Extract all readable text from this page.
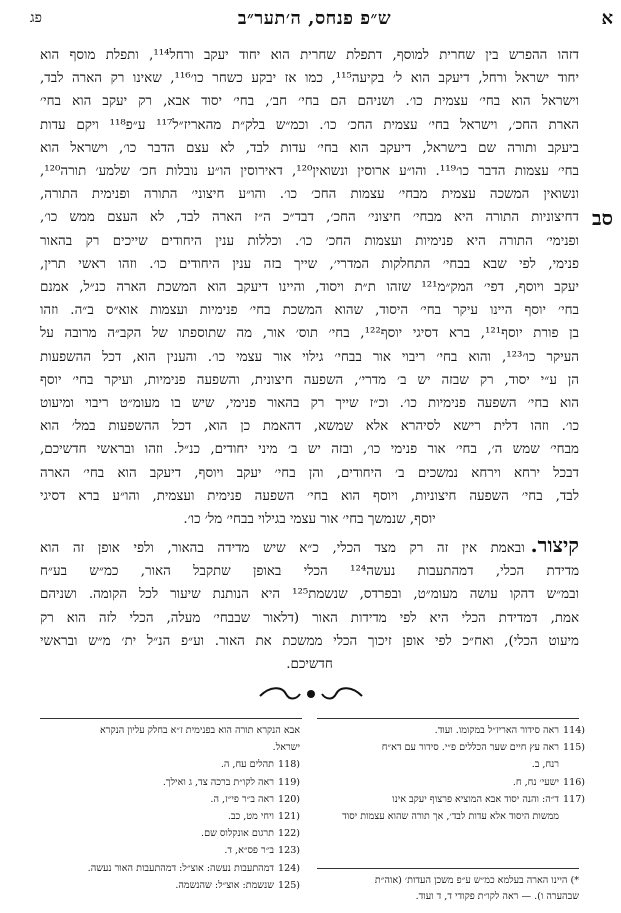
א
ש״פ פנחס, ה׳תער״ב
פג
דזהו ההפרש בין שחרית למוסף, דתפלת שחרית הוא יחוד יעקב ורחל¹¹⁴, ותפלת מוסף הוא
יחוד ישראל ורחל, דיעקב הוא ל׳ בקיעה¹¹⁵, כמו אז יבקע כשחר כו׳¹¹⁶, שאינו רק הארה לבד,
וישראל הוא בחי׳ עצמית כו׳. ושניהם הם בחי׳ חב׳, בחי׳ יסוד אבא, רק יעקב הוא בחי׳
הארת החכ׳, וישראל בחי׳ עצמית החכ׳ כו׳. וכמ״ש בלק״ת מהאריז״ל¹¹⁷ ע״פ¹¹⁸ ויקם עדות
ביעקב ותורה שם בישראל, דיעקב הוא בחי׳ עדות לבד, לא עצם הדבר כו׳, וישראל הוא
בחי׳ עצמות הדבר כו׳¹¹⁹. והו״ע ארוסין ונשואין¹²⁰, דאירוסין הו״ע נובלות חכ׳ שלמע׳ תורה¹²⁰,
ונשואין המשכה עצמית מבחי׳ עצמות החכ׳ כו׳. והו״ע חיצוני׳ התורה ופנימית התורה,
דחיצוניות התורה היא מבחי׳ חיצוני׳ החכ׳, דבד״כ ה״ז הארה לבד, לא העצם ממש כו׳,
ופנימי׳ התורה היא פנימיות ועצמות החכ׳ כו׳. וכללות ענין היחודים שייכים רק בהאור
פנימי, לפי שבא בבחי׳ התחלקות המדרי׳, שייך בזה ענין היחודים כו׳. וזהו ראשי תרין,
יעקב ויוסף, דפי׳ המק״מ¹²¹ שזהו ת״ת ויסוד, והיינו דיעקב הוא המשכת הארה כנ״ל, אמנם
בחי׳ יוסף היינו עיקר בחי׳ היסוד, שהוא המשכת בחי׳ פנימיות ועצמות אוא״ס ב״ה. וזהו
בן פורת יוסף¹²¹, ברא דסיגי יוסף¹²², בחי׳ תוס׳ אור, מה שתוספתו של הקב״ה מרובה על
העיקר כו׳¹²³, והוא בחי׳ ריבוי אור בבחי׳ גילוי אור עצמי כו׳. והענין הוא, דכל ההשפעות
הן ע״י יסוד, רק שבזה יש ב׳ מדרי׳, השפעה חיצונית, והשפעה פנימיות, ועיקר בחי׳ יוסף
הוא בחי׳ השפעה פנימיות כו׳. וכ״ז שייך רק בהאור פנימי, שיש בו מעומ״ט ריבוי ומיעוט
כו׳. וזהו דלית רישא לסיהרא אלא שמשא, דהאמת כן הוא, דכל ההשפעות במל׳ הוא
מבחי׳ שמש ה׳, בחי׳ אור פנימי כו׳, ובזה יש ב׳ מיני יחודים, כנ״ל. וזהו ובראשי חדשיכם,
דבכל ירחא וירחא נמשכים ב׳ היחודים, והן בחי׳ יעקב ויוסף, דיעקב הוא בחי׳ הארה
לבד, בחי׳ השפעה חיצוניות, ויוסף הוא בחי׳ השפעה פנימית ועצמית, והו״ע ברא דסיגי
יוסף, שנמשך בחי׳ אור עצמי בגילוי בבחי׳ מל׳ כו׳.
סב
קיצור.ובאמת אין זה רק מצד הכלי, כ״א שיש מדידה בהאור, ולפי אופן זה הוא
מדידת הכלי, דמהתעבות נעשה¹²⁴ הכלי באופן שתקבל האור, כמ״ש בע״ח
ובמ״ש דהקו עושה מעומ״ט, ובפרדס, שנשמת¹²⁵ היא הנותנת שיעור לכל הקומה. ושניהם
אמת, דמדידת הכלי היא לפי מדידות האור (דלאור שבבחי׳ מעלה, הכלי לזה הוא רק
מיעוט הכלי), ואח״כ לפי אופן זיכוך הכלי ממשכת את האור. וע״פ הנ״ל ית׳ מ״ש ובראשי
חדשיכם.
114)ראה סידור האריז״ל במקומו. ועוד.
115)ראה עץ חיים שער הכללים פ״י. סידור עם דא״ח
רנח, ב.
116)ישעי׳ נח, ח.
117)ד״ה: והנה יסוד אבא המוציא פרצוף יעקב אינו
ממשות היסוד אלא עדות לבד׳, אך תורה שהוא עצמות יסוד
אבא הנקרא תורה הוא בפנימית ז״א בחלק עליון הנקרא
ישראל.
118)תהלים עח, ה.
119)ראה לקו״ת ברכה צד, ג ואילך.
120)ראה ב״ר פי״ז, ה.
121)ויחי מט, כב.
122)תרגום אונקלוס שם.
123)ב״ר פס״א, ד.
124)דמהתעבות נעשה: אוצ״ל: דמהתעבות האור נעשה.
125)שנשמת: אוצ״ל: שהנשמה.	*) היינו הארה בעלמא כמ״ש ע״פ משכן העדות׳ (אוה״ת
שבהערה ו). — ראה לקו״ת פקודי ד, ד ועוד.
